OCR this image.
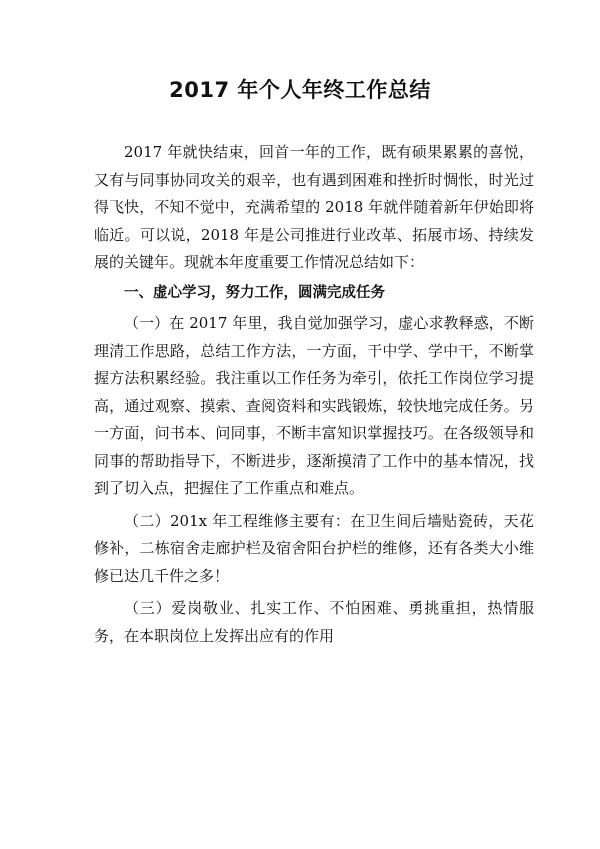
2017 年个人年终工作总结

2017 年就快结束，回首一年的工作，既有硕果累累的喜悦，又有与同事协同攻关的艰辛，也有遇到困难和挫折时惆怅，时光过得飞快，不知不觉中，充满希望的 2018 年就伴随着新年伊始即将临近。可以说，2018 年是公司推进行业改革、拓展市场、持续发展的关键年。现就本年度重要工作情况总结如下：

一、虚心学习，努力工作，圆满完成任务

（一）在 2017 年里，我自觉加强学习，虚心求教释惑，不断理清工作思路，总结工作方法，一方面，干中学、学中干，不断掌握方法积累经验。我注重以工作任务为牵引，依托工作岗位学习提高，通过观察、摸索、查阅资料和实践锻炼，较快地完成任务。另一方面，问书本、问同事，不断丰富知识掌握技巧。在各级领导和同事的帮助指导下，不断进步，逐渐摸清了工作中的基本情况，找到了切入点，把握住了工作重点和难点。

（二）201x 年工程维修主要有：在卫生间后墙贴瓷砖，天花修补，二栋宿舍走廊护栏及宿舍阳台护栏的维修，还有各类大小维修已达几千件之多！

（三）爱岗敬业、扎实工作、不怕困难、勇挑重担，热情服务，在本职岗位上发挥出应有的作用
